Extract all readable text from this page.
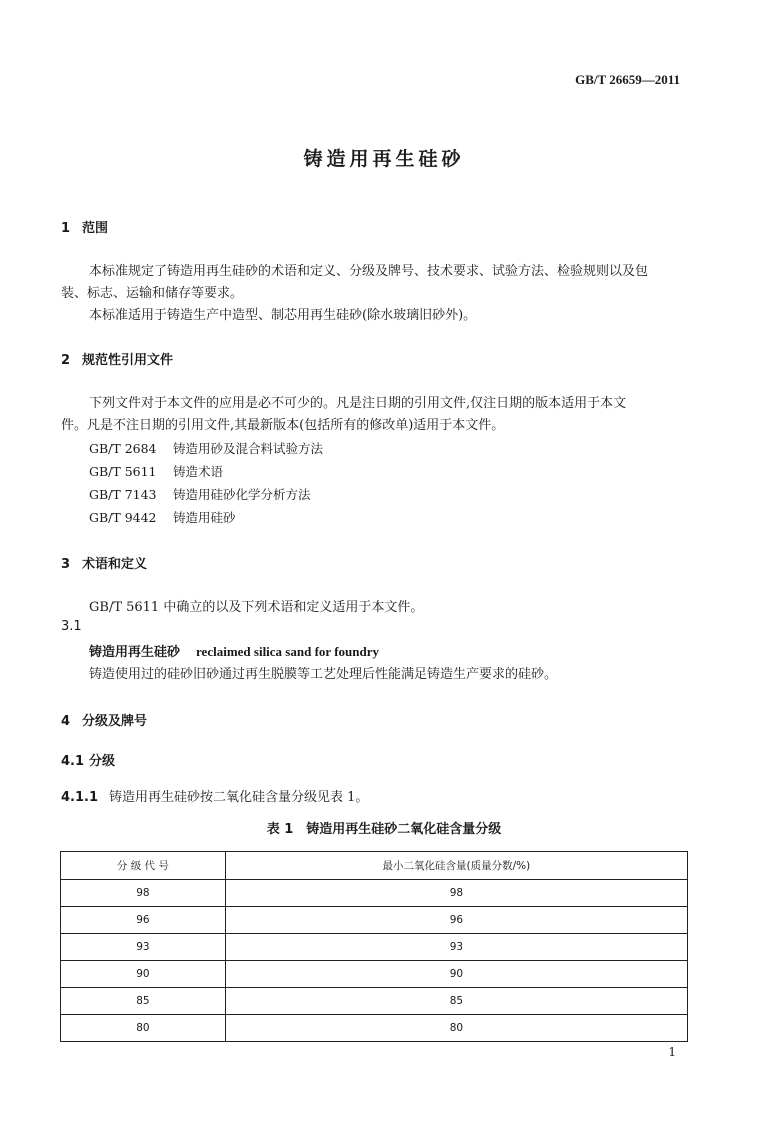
GB/T 26659—2011
铸造用再生硅砂
1 范围

本标准规定了铸造用再生硅砂的术语和定义、分级及牌号、技术要求、试验方法、检验规则以及包

装、标志、运输和储存等要求。

本标准适用于铸造生产中造型、制芯用再生硅砂(除水玻璃旧砂外)。

2 规范性引用文件

下列文件对于本文件的应用是必不可少的。凡是注日期的引用文件,仅注日期的版本适用于本文

件。凡是不注日期的引用文件,其最新版本(包括所有的修改单)适用于本文件。

GB/T 2684 铸造用砂及混合料试验方法
GB/T 5611 铸造术语
GB/T 7143 铸造用硅砂化学分析方法
GB/T 9442 铸造用硅砂
3 术语和定义

GB/T 5611 中确立的以及下列术语和定义适用于本文件。

3.1
铸造用再生硅砂 reclaimed silica sand for foundry

铸造使用过的硅砂旧砂通过再生脱膜等工艺处理后性能满足铸造生产要求的硅砂。

4 分级及牌号
4.1 分级
4.1.1 铸造用再生硅砂按二氧化硅含量分级见表 1。
表 1　铸造用再生硅砂二氧化硅含量分级
分 级 代 号	最小二氧化硅含量(质量分数/%)
98	98
96	96
93	93
90	90
85	85
80	80
1
